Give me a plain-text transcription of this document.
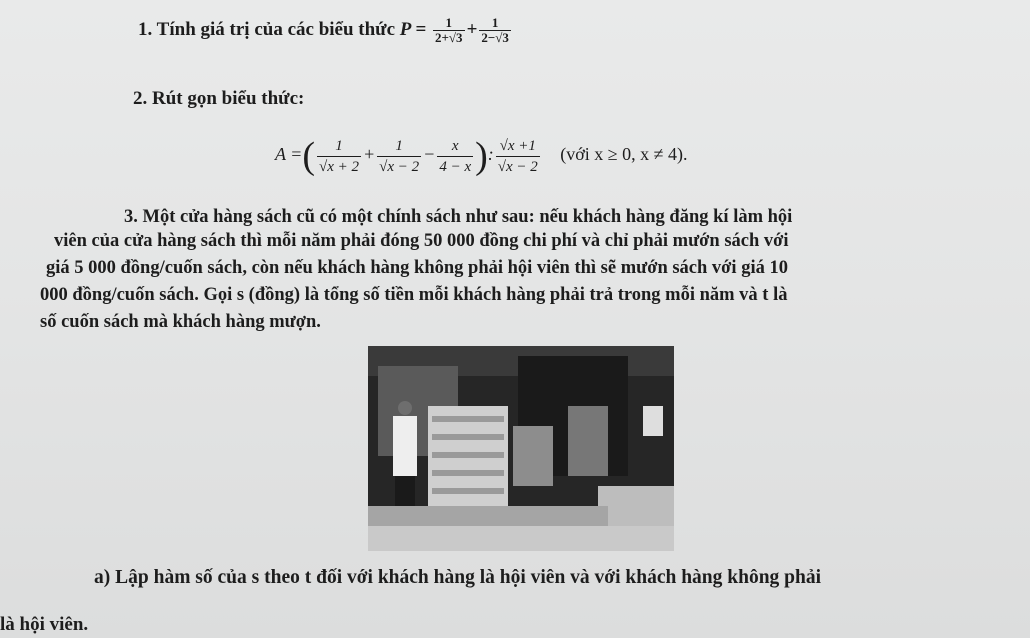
1. Tính giá trị của các biểu thức $P = \frac{1}{2+√3} + \frac{1}{2-√3}$
2. Rút gọn biểu thức:
A =( $\frac{1}{√x + 2} + \frac{1}{√x - 2} - \frac{x}{4 - x}$ ): $\frac{√x +1}{√x - 2}$ (với x ≥ 0, x ≠ 4).
3. Một cửa hàng sách cũ có một chính sách như sau: nếu khách hàng đăng kí làm hội
viên của cửa hàng sách thì mỗi năm phải đóng 50 000 đồng chi phí và chỉ phải mướn sách với
giá 5 000 đồng/cuốn sách, còn nếu khách hàng không phải hội viên thì sẽ mướn sách với giá 10
000 đồng/cuốn sách. Gọi s (đồng) là tổng số tiền mỗi khách hàng phải trả trong mỗi năm và t là
số cuốn sách mà khách hàng mượn.
a) Lập hàm số của s theo t đối với khách hàng là hội viên và với khách hàng không phải
là hội viên.
